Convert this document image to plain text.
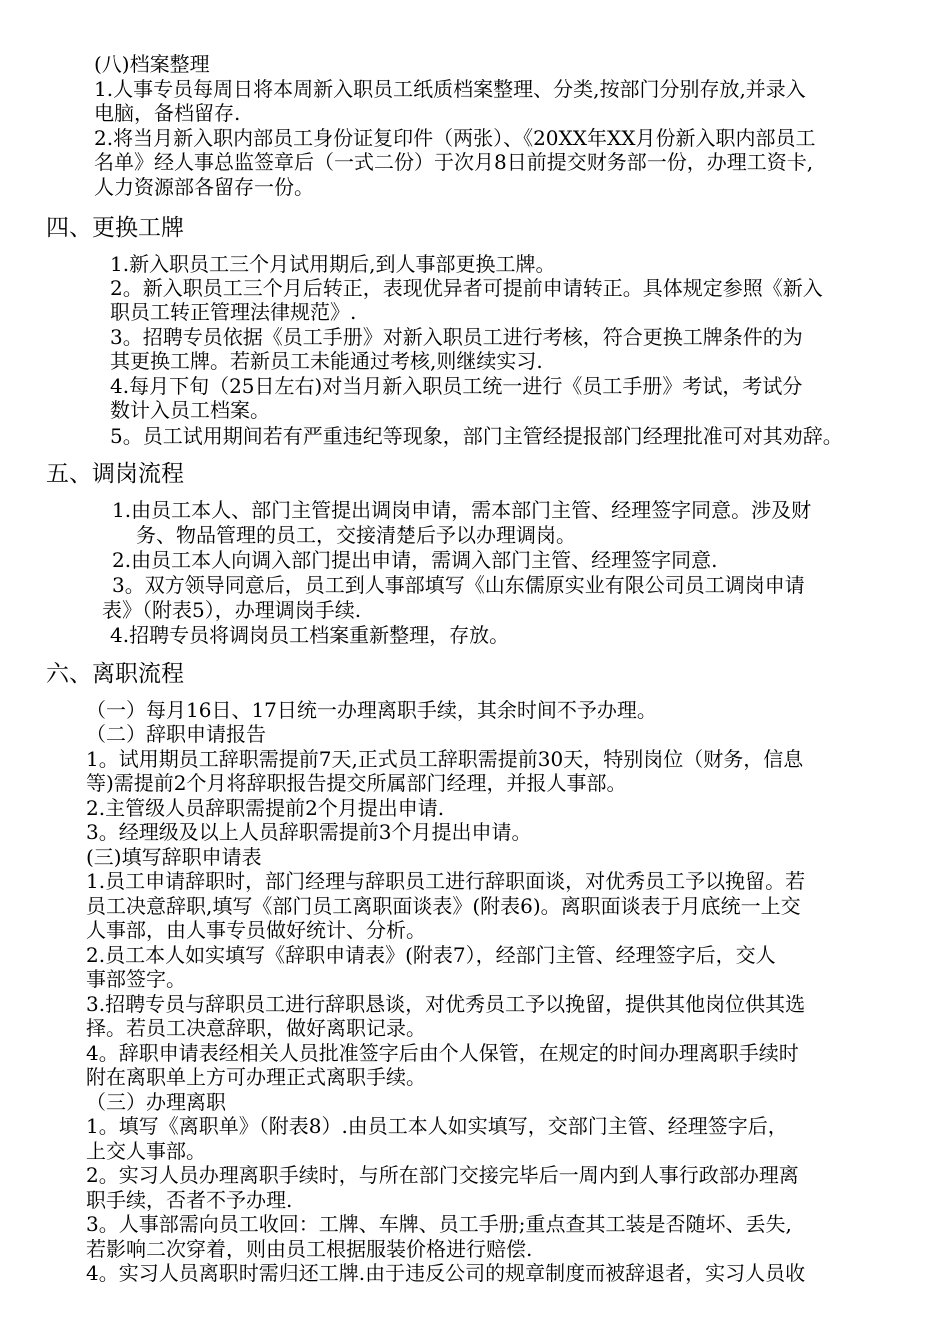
(八)档案整理
1.人事专员每周日将本周新入职员工纸质档案整理、分类,按部门分别存放,并录入
电脑，备档留存.
2.将当月新入职内部员工身份证复印件（两张）、《20XX年XX月份新入职内部员工
名单》经人事总监签章后（一式二份）于次月8日前提交财务部一份，办理工资卡,
人力资源部各留存一份。
四、更换工牌
1.新入职员工三个月试用期后,到人事部更换工牌。
2。新入职员工三个月后转正，表现优异者可提前申请转正。具体规定参照《新入
职员工转正管理法律规范》.
3。招聘专员依据《员工手册》对新入职员工进行考核，符合更换工牌条件的为
其更换工牌。若新员工未能通过考核,则继续实习.
4.每月下旬（25日左右)对当月新入职员工统一进行《员工手册》考试，考试分
数计入员工档案。
5。员工试用期间若有严重违纪等现象，部门主管经提报部门经理批准可对其劝辞。
五、调岗流程
1.由员工本人、部门主管提出调岗申请，需本部门主管、经理签字同意。涉及财
务、物品管理的员工，交接清楚后予以办理调岗。
2.由员工本人向调入部门提出申请，需调入部门主管、经理签字同意.
3。双方领导同意后，员工到人事部填写《山东儒原实业有限公司员工调岗申请
表》（附表5），办理调岗手续.
4.招聘专员将调岗员工档案重新整理，存放。
六、离职流程
（一）每月16日、17日统一办理离职手续，其余时间不予办理。
（二）辞职申请报告
1。试用期员工辞职需提前7天,正式员工辞职需提前30天，特别岗位（财务，信息
等)需提前2个月将辞职报告提交所属部门经理，并报人事部。
2.主管级人员辞职需提前2个月提出申请.
3。经理级及以上人员辞职需提前3个月提出申请。
(三)填写辞职申请表
1.员工申请辞职时，部门经理与辞职员工进行辞职面谈，对优秀员工予以挽留。若
员工决意辞职,填写《部门员工离职面谈表》(附表6)。离职面谈表于月底统一上交
人事部，由人事专员做好统计、分析。
2.员工本人如实填写《辞职申请表》(附表7），经部门主管、经理签字后，交人
事部签字。
3.招聘专员与辞职员工进行辞职恳谈，对优秀员工予以挽留，提供其他岗位供其选
择。若员工决意辞职，做好离职记录。
4。辞职申请表经相关人员批准签字后由个人保管，在规定的时间办理离职手续时
附在离职单上方可办理正式离职手续。
（三）办理离职
1。填写《离职单》（附表8）.由员工本人如实填写，交部门主管、经理签字后，
上交人事部。
2。实习人员办理离职手续时，与所在部门交接完毕后一周内到人事行政部办理离
职手续，否者不予办理.
3。人事部需向员工收回：工牌、车牌、员工手册;重点查其工装是否随坏、丢失,
若影响二次穿着，则由员工根据服装价格进行赔偿.
4。实习人员离职时需归还工牌.由于违反公司的规章制度而被辞退者，实习人员收
